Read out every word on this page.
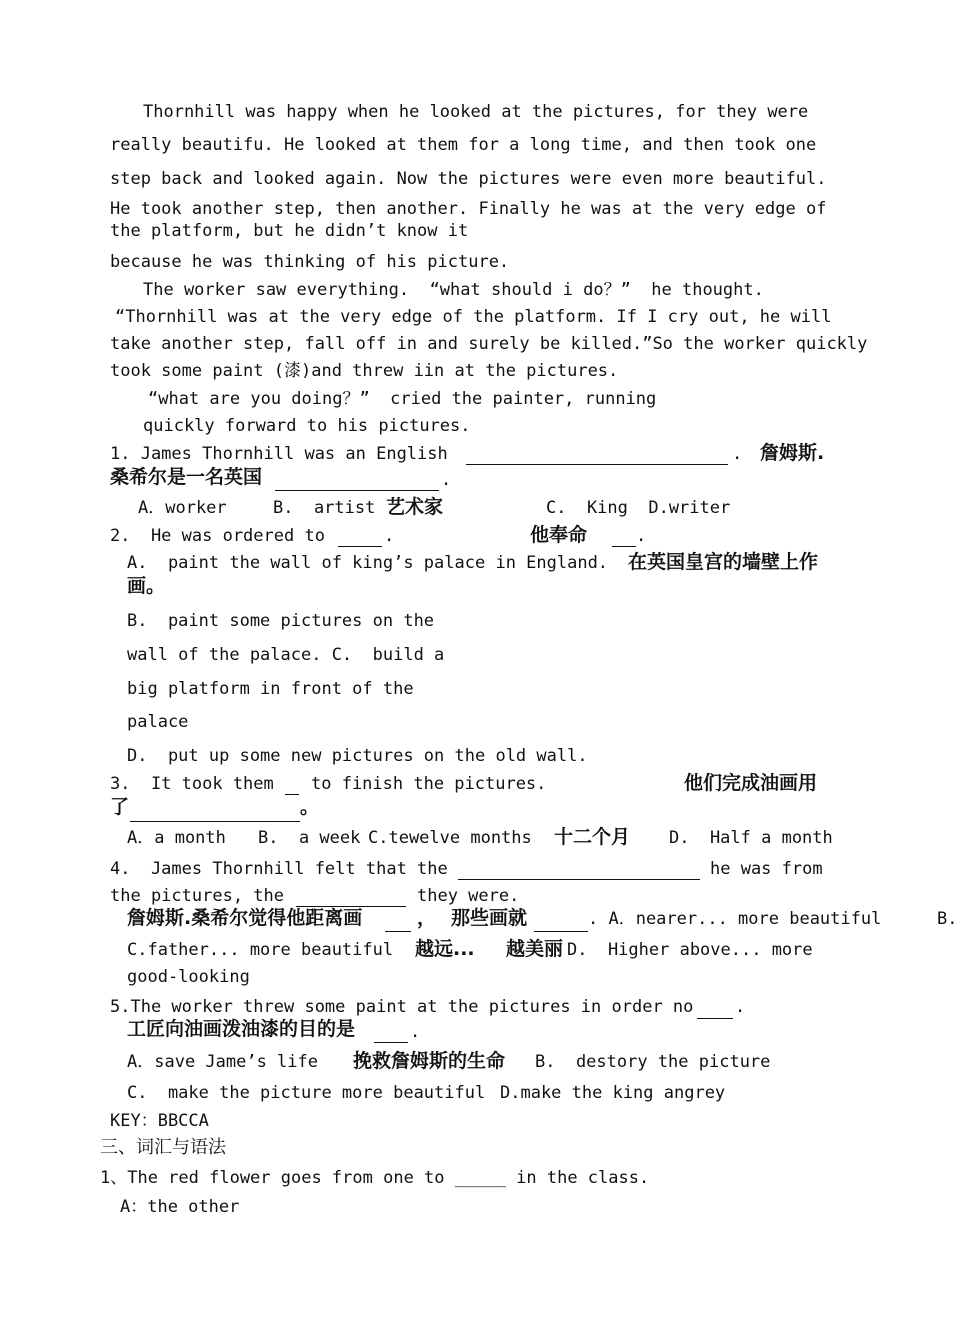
Thornhill was happy when he looked at the pictures, for they were
really beautifu. He looked at them for a long time, and then took one
step back and looked again. Now the pictures were even more beautiful.
He took another step, then another. Finally he was at the very edge of
the platform, but he didn’t know it
because he was thinking of his picture.
The worker saw everything.  “what should i do？”  he thought.
“Thornhill was at the very edge of the platform. If I cry out, he will
take another step, fall off in and surely be killed.”So the worker quickly
took some paint (漆)and threw iin at the pictures.
“what are you doing？”  cried the painter, running
quickly forward to his pictures.
1. James Thornhill was an English	. 詹姆斯.
桑希尔是一名英国	.
A．worker	B.  artist 艺术家	C.  King  D.writer
2.  He was ordered to	.	他奉命	.
A.  paint the wall of king’s palace in England. 在英国皇宫的墙壁上作
画。
B.  paint some pictures on the
wall of the palace. C.  build a
big platform in front of the
palace
D.  put up some new pictures on the old wall.
3.  It took them to finish the pictures.	他们完成油画用
了	。
A．a month B.  a week C.tewelve months 十二个月 D.  Half a month
4.  James Thornhill felt that the	he was from
the pictures, the	they were.
詹姆斯.桑希尔觉得他距离画	， 那些画就	. A．nearer... more beautiful	B.
C.father... more beautiful 越远... 越美丽 D.  Higher above... more
good-looking
5.The worker threw some paint at the pictures in order no .
工匠向油画泼油漆的目的是	.
A．save Jame’s life 挽救詹姆斯的生命 B.  destory the picture
C.  make the picture more beautiful D.make the king angrey
KEY：BBCCA
三、词汇与语法
1、The red flower goes from one to _____ in the class.
A：the other
